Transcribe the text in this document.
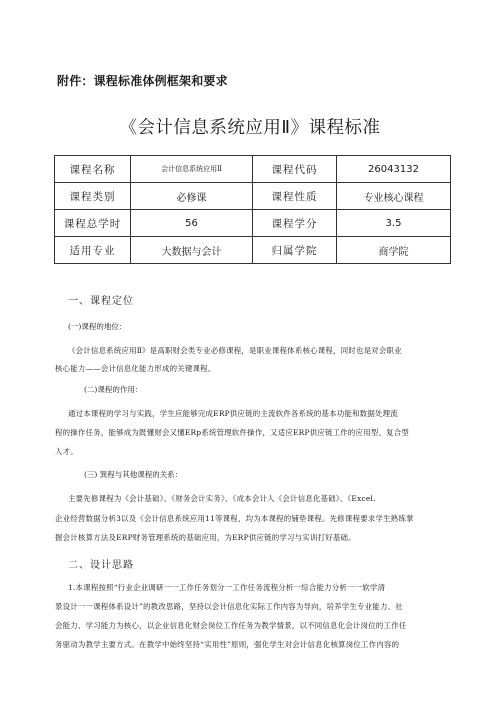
附件：课程标准体例框架和要求
《会计信息系统应用Ⅱ》课程标准
课程名称	会计信息系统应用Ⅱ	课程代码	26043132
课程类别	必修课	课程性质	专业核心课程
课程总学时	56	课程学分	3.5
适用专业	大数据与会计	归属学院	商学院
一、课程定位
(一)课程的地位：
《会计信息系统应用Ⅱ》是高职财会类专业必修课程，是职业课程体系核心课程，同时也是对会职业
核心能力——会计信息化能力形成的关键课程。
(二)课程的作用：
通过本课程的学习与实践，学生应能够完成ERP供应链的主流软件各系统的基本功能和数据处理流
程的操作任务，能够成为既懂财会又懂ERp系统管理软件操作，又适应ERP供应链工作的应用型、复合型
人才。
(三) 巽程与其他课程的关系：
主要先修课程为《会计基础》、《财务会计实务》、《成本会计人《会计信息化基础》、《Excel.
企业经营数据分析3以及《会计信息系统应用11等课程，均为本课程的铺垫课程。先修课程要求学生熟练掌
握会计核算方法及ERP财务管理系统的基础应用，为ERP供应链的学习与实训打好基础。
二、设计思路
1.本课程按照“行业企业调研一一工作任务划分一工作任务流程分析一综合能力分析一一软学清
景设计一一课程体系设计”的教改思路，坚持以会计信息化实际工作内容为导向，培养学生专业能力、社
会能力、学习能力为核心，以企业信息化财会岗位工作任务为教学情景，以不同信息化会计岗位的工作任
务驱动为教学主要方式。在教学中始终坚持“实用性”原则，强化学生对会计信息化核算岗位工作内容的
